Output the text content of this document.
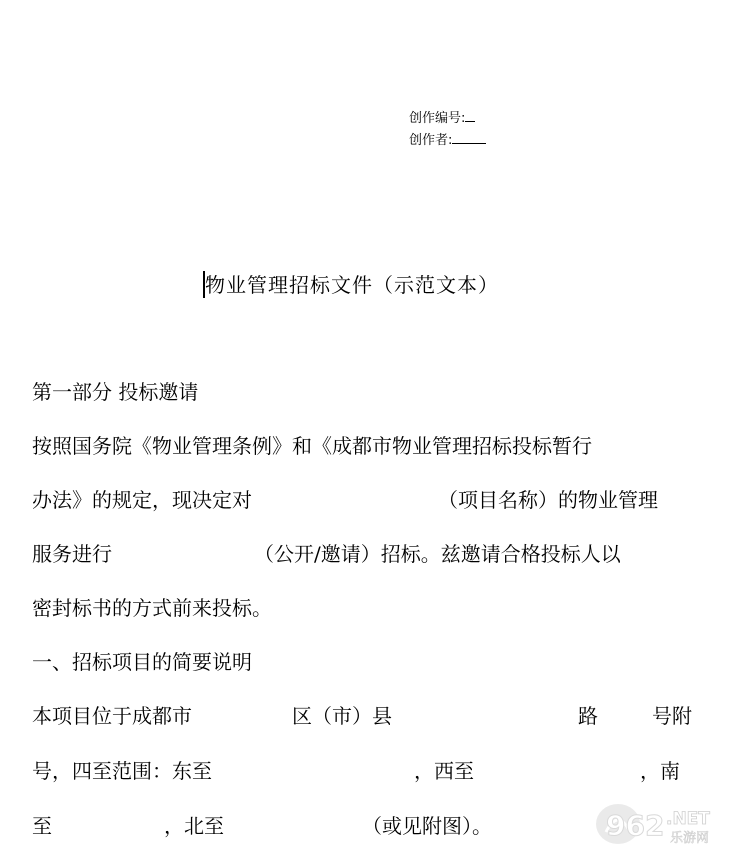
创作编号:
创作者:
物业管理招标文件（示范文本）
第一部分 投标邀请
按照国务院《物业管理条例》和《成都市物业管理招标投标暂行
办法》的规定，现决定对	（项目名称）的物业管理
服务进行	（公开/邀请）招标。兹邀请合格投标人以
密封标书的方式前来投标。
一、招标项目的简要说明
本项目位于成都市	区（市）县	路	号附
号，四至范围：东至	，西至	，南
至	，北至	（或见附图）。	962 .NET
乐游网
